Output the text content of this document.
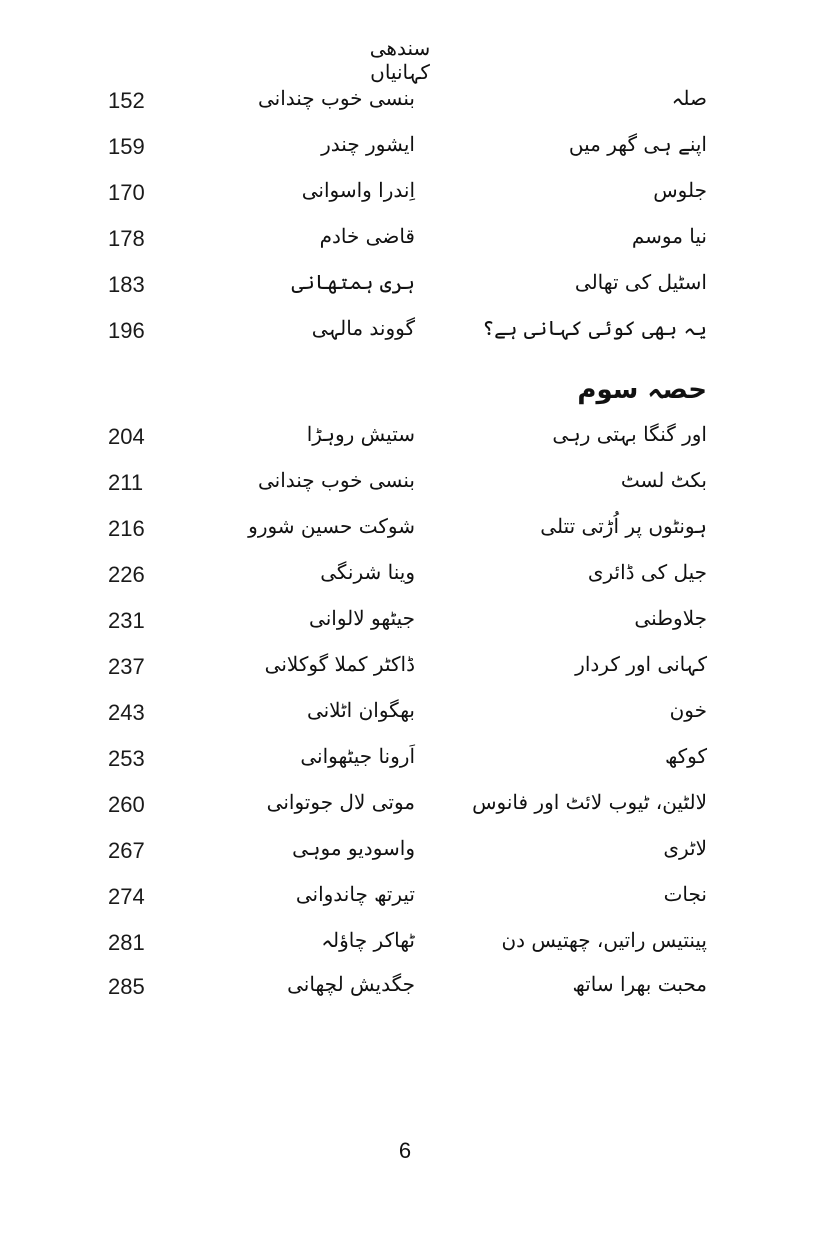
سندھی کہانیاں
152	بنسی خوب چندانی	صلہ
159	ایشور چندر	اپنے ہی گھر میں
170	اِندرا واسوانی	جلوس
178	قاضی خادم	نیا موسم
183	ہری ہمتھانی	اسٹیل کی تھالی
196	گووند مالہی	یہ بھی کوئی کہانی ہے؟
حصہ سوم
204	ستیش روہڑا	اور گنگا بہتی رہی
211	بنسی خوب چندانی	بکٹ لسٹ
216	شوکت حسین شورو	ہونٹوں پر اُڑتی تتلی
226	وینا شرنگی	جیل کی ڈائری
231	جیٹھو لالوانی	جلاوطنی
237	ڈاکٹر کملا گوکلانی	کہانی اور کردار
243	بھگوان اٹلانی	خون
253	اَرونا جیٹھوانی	کوکھ
260	موتی لال جوتوانی	لالٹین، ٹیوب لائٹ اور فانوس
267	واسودیو موہی	لاٹری
274	تیرتھ چاندوانی	نجات
281	ٹھاکر چاؤلہ	پینتیس راتیں، چھتیس دن
285	جگدیش لچھانی	محبت بھرا ساتھ
6
